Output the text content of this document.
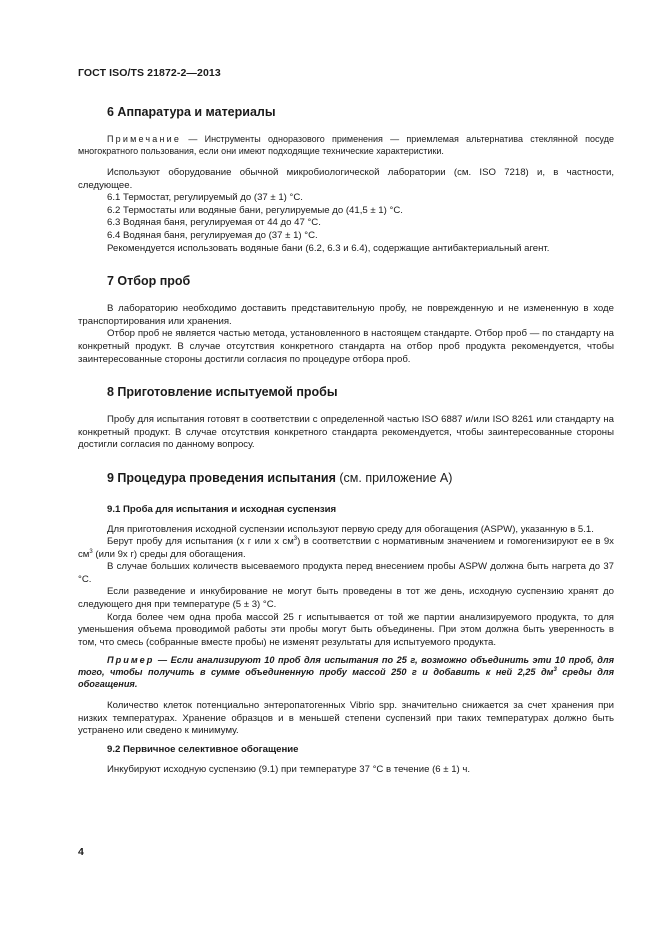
ГОСТ ISO/TS 21872-2—2013
6 Аппаратура и материалы

Примечание — Инструменты одноразового применения — приемлемая альтернатива стеклянной посуде многократного пользования, если они имеют подходящие технические характеристики.

Используют оборудование обычной микробиологической лаборатории (см. ISO 7218) и, в частности, следующее.

6.1 Термостат, регулируемый до (37 ± 1) °С.

6.2 Термостаты или водяные бани, регулируемые до (41,5 ± 1) °С.

6.3 Водяная баня, регулируемая от 44 до 47 °С.

6.4 Водяная баня, регулируемая до (37 ± 1) °С.

Рекомендуется использовать водяные бани (6.2, 6.3 и 6.4), содержащие антибактериальный агент.

7 Отбор проб

В лабораторию необходимо доставить представительную пробу, не поврежденную и не измененную в ходе транспортирования или хранения.

Отбор проб не является частью метода, установленного в настоящем стандарте. Отбор проб — по стандарту на конкретный продукт. В случае отсутствия конкретного стандарта на отбор проб продукта рекомендуется, чтобы заинтересованные стороны достигли согласия по процедуре отбора проб.

8 Приготовление испытуемой пробы

Пробу для испытания готовят в соответствии с определенной частью ISO 6887 и/или ISO 8261 или стандарту на конкретный продукт. В случае отсутствия конкретного стандарта рекомендуется, чтобы заинтересованные стороны достигли согласия по данному вопросу.

9 Процедура проведения испытания (см. приложение А)
9.1 Проба для испытания и исходная суспензия

Для приготовления исходной суспензии используют первую среду для обогащения (ASPW), указанную в 5.1.

Берут пробу для испытания (x г или x $см^3$) в соответствии с нормативным значением и гомогенизируют ее в 9x $см^3$ (или 9x г) среды для обогащения.

В случае больших количеств высеваемого продукта перед внесением пробы ASPW должна быть нагрета до 37 °С.

Если разведение и инкубирование не могут быть проведены в тот же день, исходную суспензию хранят до следующего дня при температуре (5 ± 3) °С.

Когда более чем одна проба массой 25 г испытывается от той же партии анализируемого продукта, то для уменьшения объема проводимой работы эти пробы могут быть объединены. При этом должна быть уверенность в том, что смесь (собранные вместе пробы) не изменят результаты для испытуемого продукта.

Пример — Если анализируют 10 проб для испытания по 25 г, возможно объединить эти 10 проб, для того, чтобы получить в сумме объединенную пробу массой 250 г и добавить к ней 2,25 $дм^3$ среды для обогащения.

Количество клеток потенциально энтеропатогенных Vibrio spp. значительно снижается за счет хранения при низких температурах. Хранение образцов и в меньшей степени суспензий при таких температурах должно быть устранено или сведено к минимуму.

9.2 Первичное селективное обогащение

Инкубируют исходную суспензию (9.1) при температуре 37 °С в течение (6 ± 1) ч.

4
